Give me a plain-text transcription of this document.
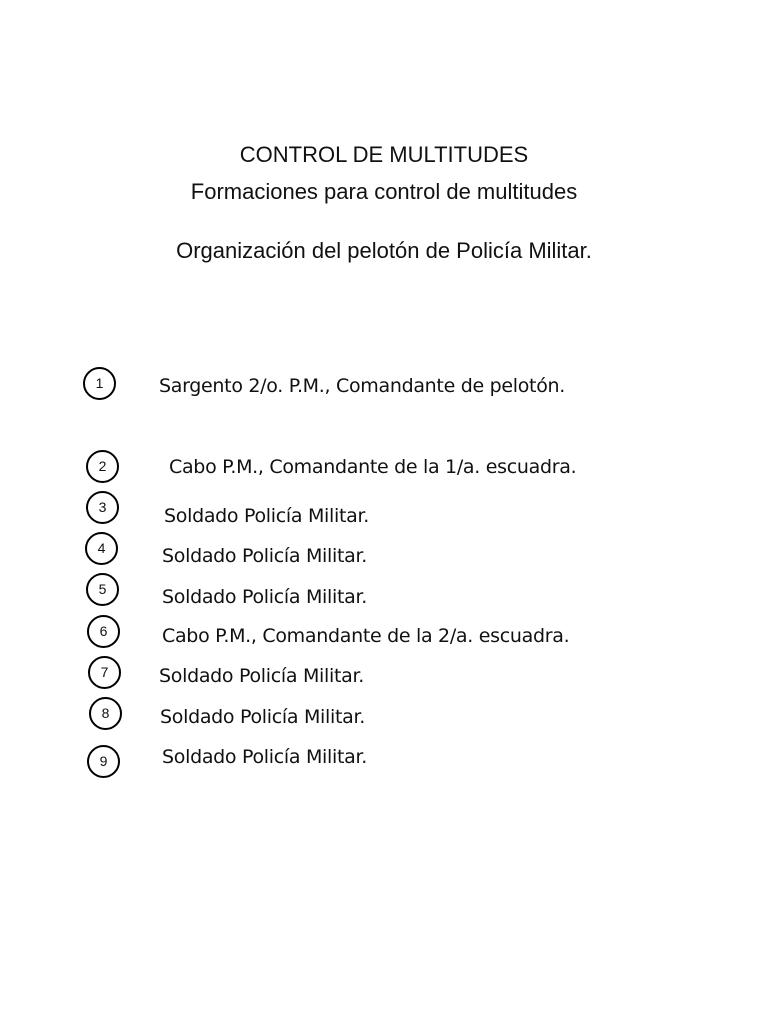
CONTROL DE MULTITUDES
Formaciones para control de multitudes
Organización del pelotón de Policía Militar.
1	Sargento 2/o. P.M., Comandante de pelotón.
2	Cabo P.M., Comandante de la 1/a. escuadra.
3	Soldado Policía Militar.
4	Soldado Policía Militar.
5	Soldado Policía Militar.
6	Cabo P.M., Comandante de la 2/a. escuadra.
7	Soldado Policía Militar.
8	Soldado Policía Militar.
9	Soldado Policía Militar.
